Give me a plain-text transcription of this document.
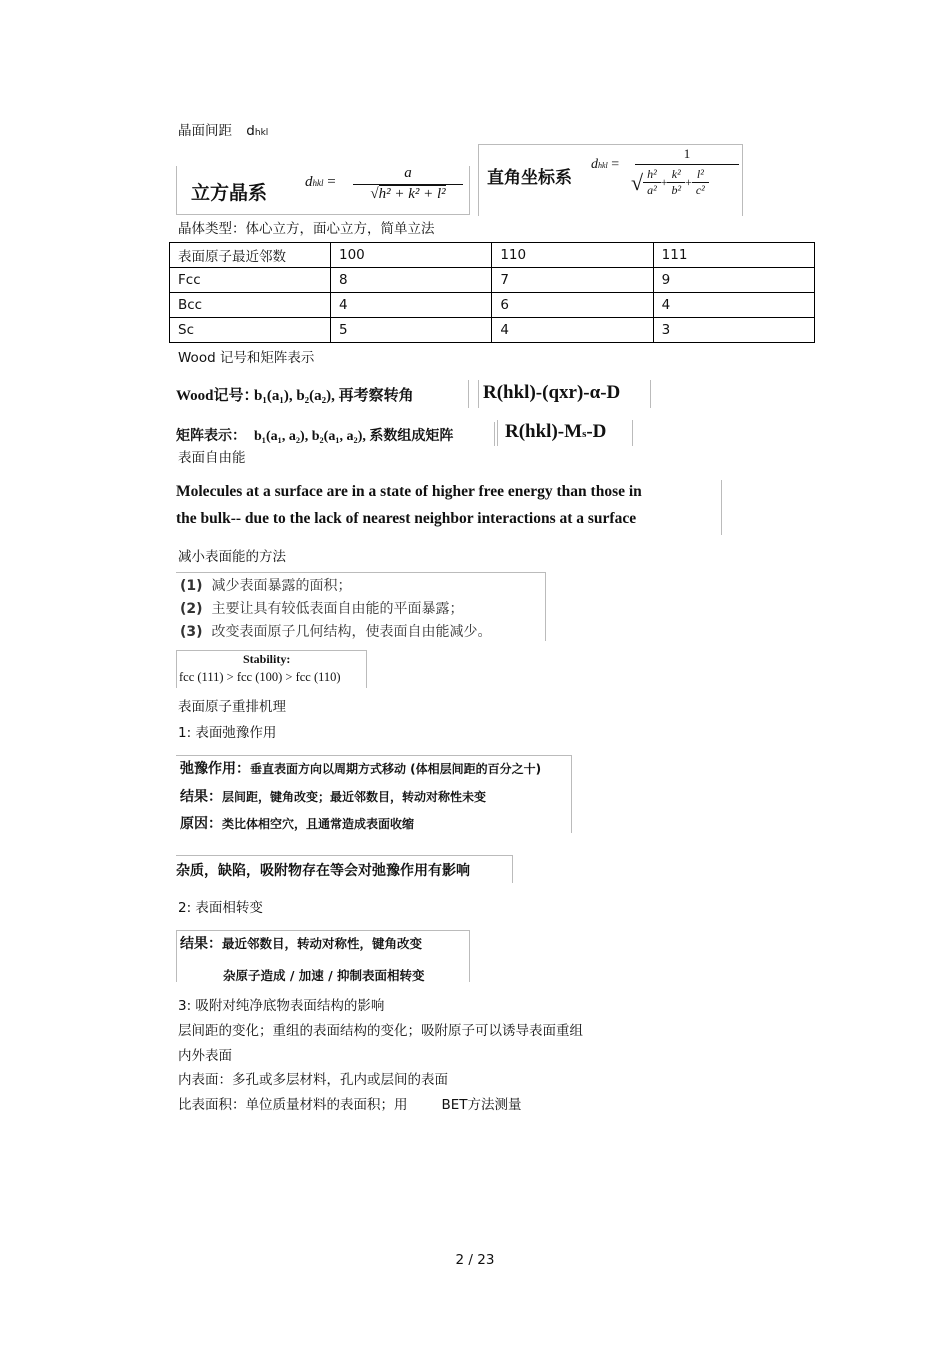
晶面间距 dhkl
立方晶系	dhkl = $\frac{a}{\text{√h² + k² + l²}}$ 直角坐标系
dhkl =
1
√ $\frac{\text{h²}}{\text{a²}} + \frac{\text{k²}}{\text{b²}} + \frac{\text{l²}}{\text{c²}}$
晶体类型：体心立方，面心立方，简单立法
表面原子最近邻数	100	110	111
Fcc	8	7	9
Bcc	4	6	4
Sc	5	4	3
Wood 记号和矩阵表示
Wood记号：
b₁(a₁), b₂(a₂), 再考察转角	R(hkl)-(qxr)-α-D
矩阵表示： b₁(a₁, a₂), b₂(a₁, a₂), 系数组成矩阵	R(hkl)-Ms-D
表面自由能
Molecules at a surface are in a state of higher free energy than those in
the bulk-- due to the lack of nearest neighbor interactions at a surface
减小表面能的方法
(1) 减少表面暴露的面积；
(2) 主要让具有较低表面自由能的平面暴露；
(3) 改变表面原子几何结构，使表面自由能减少。
Stability:
fcc (111) > fcc (100) > fcc (110)
表面原子重排机理
1: 表面弛豫作用
弛豫作用：垂直表面方向以周期方式移动 (体相层间距的百分之十)
结果：层间距，键角改变；最近邻数目，转动对称性未变
原因：类比体相空穴，且通常造成表面收缩
杂质，缺陷，吸附物存在等会对弛豫作用有影响
2: 表面相转变
结果：最近邻数目，转动对称性，键角改变
杂原子造成 / 加速 / 抑制表面相转变
3: 吸附对纯净底物表面结构的影响
层间距的变化；重组的表面结构的变化；吸附原子可以诱导表面重组
内外表面
内表面：多孔或多层材料，孔内或层间的表面
比表面积：单位质量材料的表面积；用	BET方法测量
2 / 23
